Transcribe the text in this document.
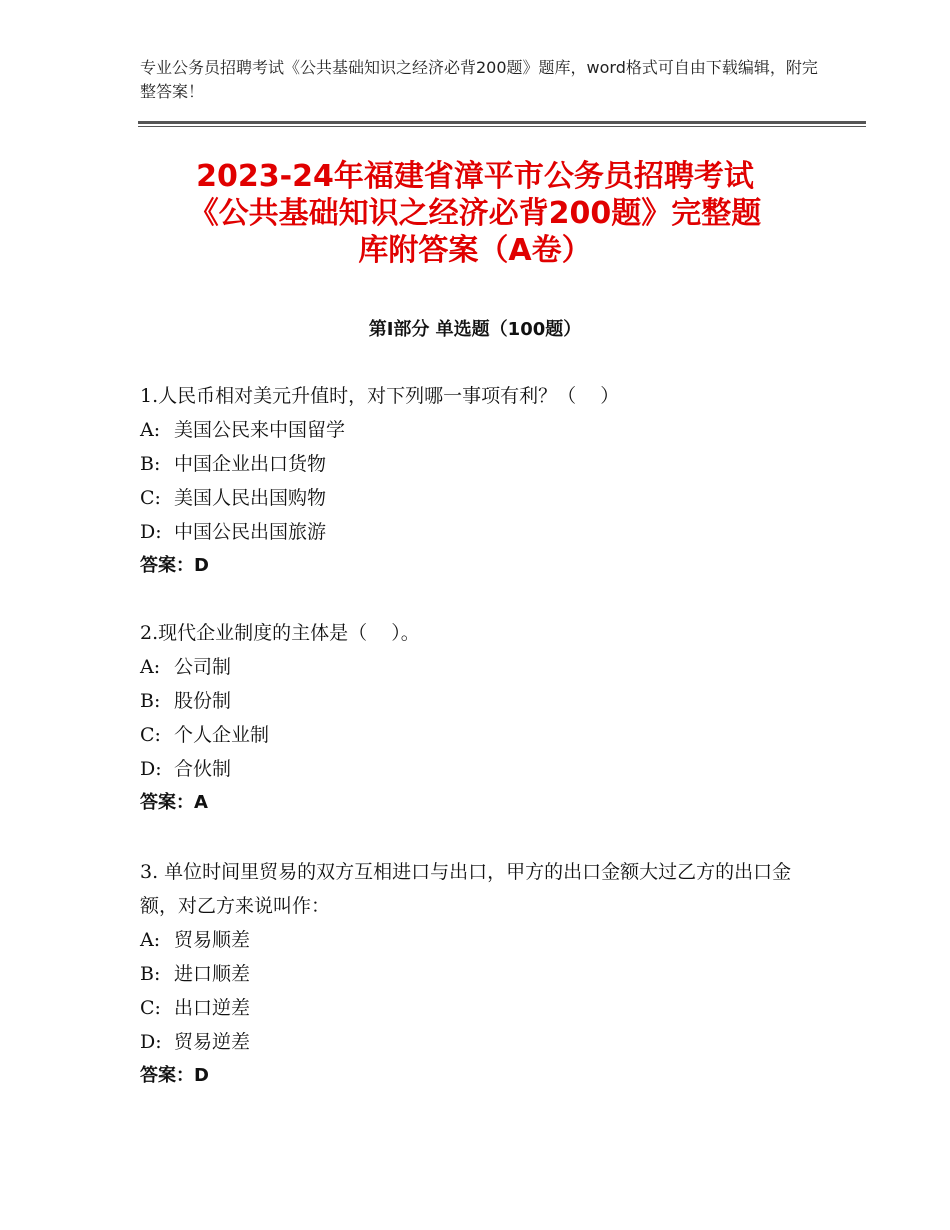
专业公务员招聘考试《公共基础知识之经济必背200题》题库，word格式可自由下载编辑，附完整答案！
2023-24年福建省漳平市公务员招聘考试
《公共基础知识之经济必背200题》完整题
库附答案（A卷）
第Ⅰ部分 单选题（100题）
1.人民币相对美元升值时，对下列哪一事项有利？（    ）
A: 美国公民来中国留学
B: 中国企业出口货物
C: 美国人民出国购物
D: 中国公民出国旅游
答案：D
2.现代企业制度的主体是（    ）。
A: 公司制
B: 股份制
C: 个人企业制
D: 合伙制
答案：A
3. 单位时间里贸易的双方互相进口与出口，甲方的出口金额大过乙方的出口金额，对乙方来说叫作：
A: 贸易顺差
B: 进口顺差
C: 出口逆差
D: 贸易逆差
答案：D
